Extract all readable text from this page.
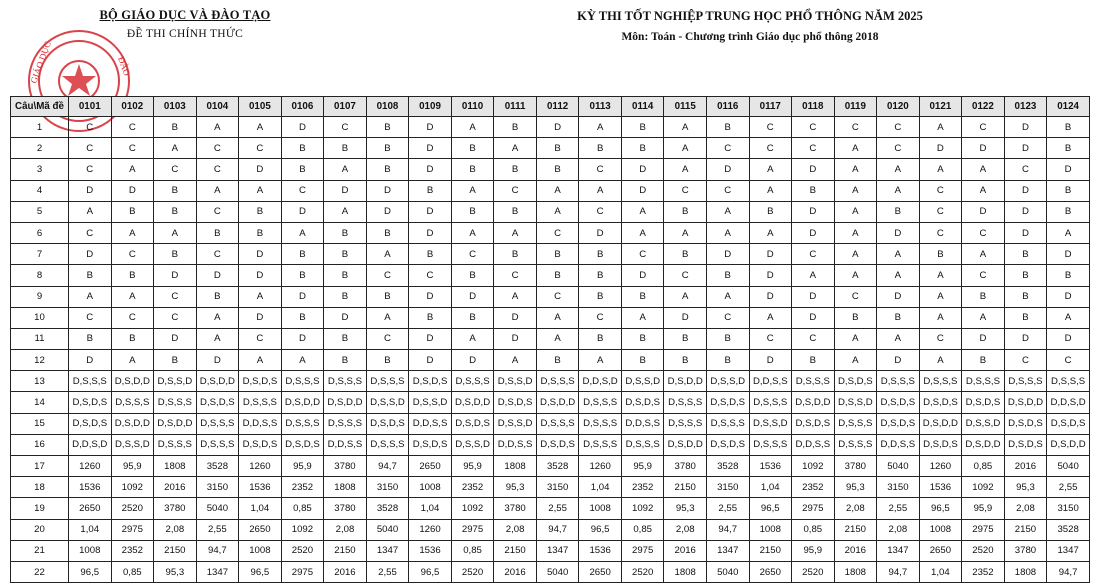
GIÁO DỤC	ĐÀO
BỘ GIÁO DỤC VÀ ĐÀO TẠO
ĐỀ THI CHÍNH THỨC
KỲ THI TỐT NGHIỆP TRUNG HỌC PHỔ THÔNG NĂM 2025
Môn: Toán - Chương trình Giáo dục phổ thông 2018
Câu\Mã đề	0101	0102	0103	0104	0105	0106	0107	0108	0109	0110	0111	0112	0113	0114	0115	0116	0117	0118	0119	0120	0121	0122	0123	0124
1	C	C	B	A	A	D	C	B	D	A	B	D	A	B	A	B	C	C	C	C	A	C	D	B
2	C	C	A	C	C	B	B	B	D	B	A	B	B	B	A	C	C	C	A	C	D	D	D	B
3	C	A	C	C	D	B	A	B	D	B	B	B	C	D	A	D	A	D	A	A	A	A	C	D
4	D	D	B	A	A	C	D	D	B	A	C	A	A	D	C	C	A	B	A	A	C	A	D	B
5	A	B	B	C	B	D	A	D	D	B	B	A	C	A	B	A	B	D	A	B	C	D	D	B
6	C	A	A	B	B	A	B	B	D	A	A	C	D	A	A	A	A	D	A	D	C	C	D	A
7	D	C	B	C	D	B	B	A	B	C	B	B	B	C	B	D	D	C	A	A	B	A	B	D
8	B	B	D	D	D	B	B	C	C	B	C	B	B	D	C	B	D	A	A	A	A	C	B	B
9	A	A	C	B	A	D	B	B	D	D	A	C	B	B	A	A	D	D	C	D	A	B	B	D
10	C	C	C	A	D	B	D	A	B	B	D	A	C	A	D	C	A	D	B	B	A	A	B	A
11	B	B	D	A	C	D	B	C	D	A	D	A	B	B	B	B	C	C	A	A	C	D	D	D
12	D	A	B	D	A	A	B	B	D	D	A	B	A	B	B	B	D	B	A	D	A	B	C	C
13	D,S,S,S	D,S,D,D	D,S,S,D	D,S,D,D	D,S,D,S	D,S,S,S	D,S,S,S	D,S,S,S	D,S,D,S	D,S,S,S	D,S,S,D	D,S,S,S	D,D,S,D	D,S,S,D	D,S,D,D	D,S,S,D	D,D,S,S	D,S,S,S	D,S,D,S	D,S,S,S	D,S,S,S	D,S,S,S	D,S,S,S	D,S,S,S
14	D,S,D,S	D,S,S,S	D,S,S,S	D,S,D,S	D,S,S,S	D,S,D,D	D,S,D,D	D,S,S,D	D,S,S,D	D,S,D,D	D,S,D,S	D,S,D,D	D,S,S,S	D,S,D,S	D,S,S,S	D,S,D,S	D,S,S,S	D,S,D,D	D,S,S,D	D,S,D,S	D,S,D,S	D,S,D,S	D,S,D,D	D,D,S,D
15	D,S,D,S	D,S,D,D	D,S,D,D	D,S,S,S	D,D,S,S	D,S,S,S	D,S,S,S	D,S,D,S	D,D,S,S	D,S,D,S	D,S,S,D	D,S,S,S	D,S,S,S	D,D,S,S	D,S,S,S	D,S,S,S	D,S,S,D	D,S,D,S	D,S,S,S	D,S,D,S	D,S,D,D	D,S,S,D	D,S,D,S	D,S,D,S
16	D,D,S,D	D,S,S,D	D,S,S,S	D,S,S,S	D,S,D,S	D,S,D,S	D,D,S,S	D,S,S,S	D,S,D,S	D,S,S,D	D,D,S,S	D,S,D,S	D,S,S,S	D,S,S,S	D,S,D,D	D,S,D,S	D,S,S,S	D,D,S,S	D,S,S,S	D,D,S,S	D,S,D,S	D,S,D,D	D,S,D,S	D,S,D,D
17	1260	95,9	1808	3528	1260	95,9	3780	94,7	2650	95,9	1808	3528	1260	95,9	3780	3528	1536	1092	3780	5040	1260	0,85	2016	5040
18	1536	1092	2016	3150	1536	2352	1808	3150	1008	2352	95,3	3150	1,04	2352	2150	3150	1,04	2352	95,3	3150	1536	1092	95,3	2,55
19	2650	2520	3780	5040	1,04	0,85	3780	3528	1,04	1092	3780	2,55	1008	1092	95,3	2,55	96,5	2975	2,08	2,55	96,5	95,9	2,08	3150
20	1,04	2975	2,08	2,55	2650	1092	2,08	5040	1260	2975	2,08	94,7	96,5	0,85	2,08	94,7	1008	0,85	2150	2,08	1008	2975	2150	3528
21	1008	2352	2150	94,7	1008	2520	2150	1347	1536	0,85	2150	1347	1536	2975	2016	1347	2150	95,9	2016	1347	2650	2520	3780	1347
22	96,5	0,85	95,3	1347	96,5	2975	2016	2,55	96,5	2520	2016	5040	2650	2520	1808	5040	2650	2520	1808	94,7	1,04	2352	1808	94,7
